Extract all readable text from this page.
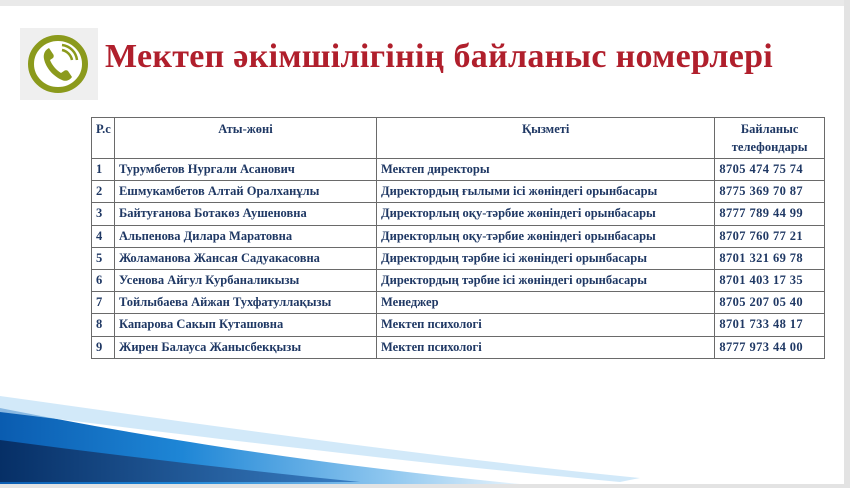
Мектеп әкімшілігінің байланыс номерлері
Р.с	Аты-жөні	Қызметі	Байланыс
телефондары
1	Турумбетов Нургали Асанович	Мектеп директоры	8705 474 75 74
2	Ешмукамбетов Алтай Оралханұлы	Директордың ғылыми ісі жөніндегі орынбасары	8775 369 70 87
3	Байтуғанова Ботакөз Аушеновна	Директорлың оқу-тәрбие жөніндегі орынбасары	8777 789 44 99
4	Альпенова Дилара Маратовна	Директорлың оқу-тәрбие жөніндегі орынбасары	8707 760 77 21
5	Жоламанова Жансая Садуакасовна	Директордың тәрбие ісі жөніндегі орынбасары	8701 321 69 78
6	Усенова Айгул Курбаналикызы	Директордың тәрбие ісі жөніндегі орынбасары	8701 403 17 35
7	Тойлыбаева Айжан Тухфатуллақызы	Менеджер	8705 207 05 40
8	Капарова Сакып Куташовна	Мектеп психологі	8701 733 48 17
9	Жирен Балауса Жанысбекқызы	Мектеп психологі	8777 973 44 00
